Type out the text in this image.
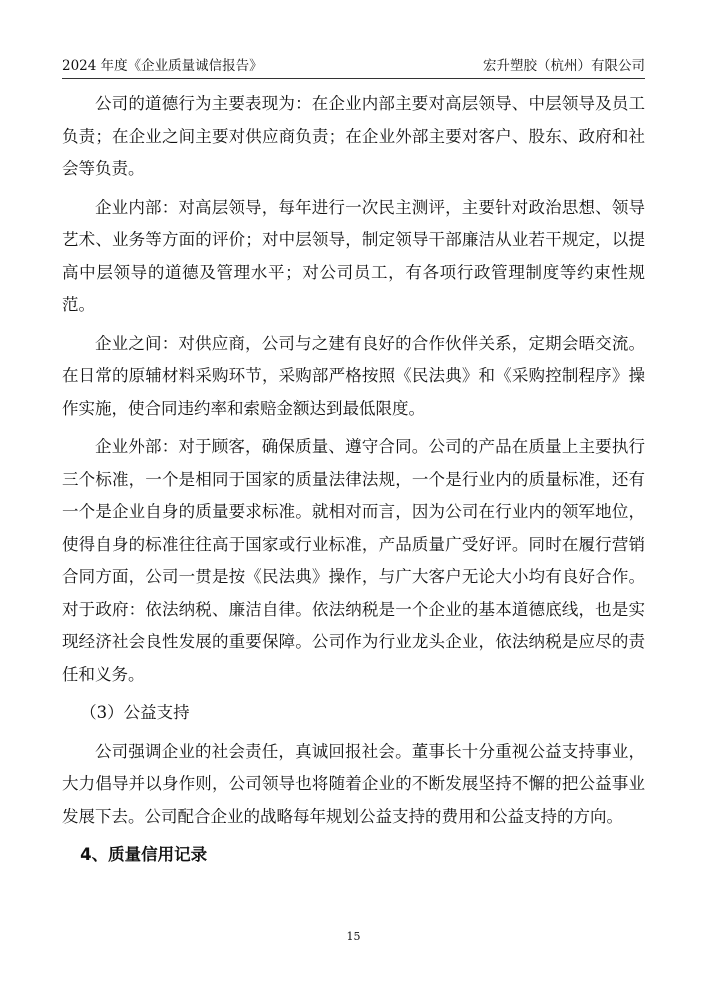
2024 年度《企业质量诚信报告》	宏升塑胶（杭州）有限公司

公司的道德行为主要表现为：在企业内部主要对高层领导、中层领导及员工负责；在企业之间主要对供应商负责；在企业外部主要对客户、股东、政府和社会等负责。

企业内部：对高层领导，每年进行一次民主测评，主要针对政治思想、领导艺术、业务等方面的评价；对中层领导，制定领导干部廉洁从业若干规定，以提高中层领导的道德及管理水平；对公司员工，有各项行政管理制度等约束性规范。

企业之间：对供应商，公司与之建有良好的合作伙伴关系，定期会晤交流。在日常的原辅材料采购环节，采购部严格按照《民法典》和《采购控制程序》操作实施，使合同违约率和索赔金额达到最低限度。

企业外部：对于顾客，确保质量、遵守合同。公司的产品在质量上主要执行三个标准，一个是相同于国家的质量法律法规，一个是行业内的质量标准，还有一个是企业自身的质量要求标准。就相对而言，因为公司在行业内的领军地位，使得自身的标准往往高于国家或行业标准，产品质量广受好评。同时在履行营销合同方面，公司一贯是按《民法典》操作，与广大客户无论大小均有良好合作。对于政府：依法纳税、廉洁自律。依法纳税是一个企业的基本道德底线，也是实现经济社会良性发展的重要保障。公司作为行业龙头企业，依法纳税是应尽的责任和义务。

（3）公益支持

公司强调企业的社会责任，真诚回报社会。董事长十分重视公益支持事业，大力倡导并以身作则，公司领导也将随着企业的不断发展坚持不懈的把公益事业发展下去。公司配合企业的战略每年规划公益支持的费用和公益支持的方向。

4、质量信用记录

15
